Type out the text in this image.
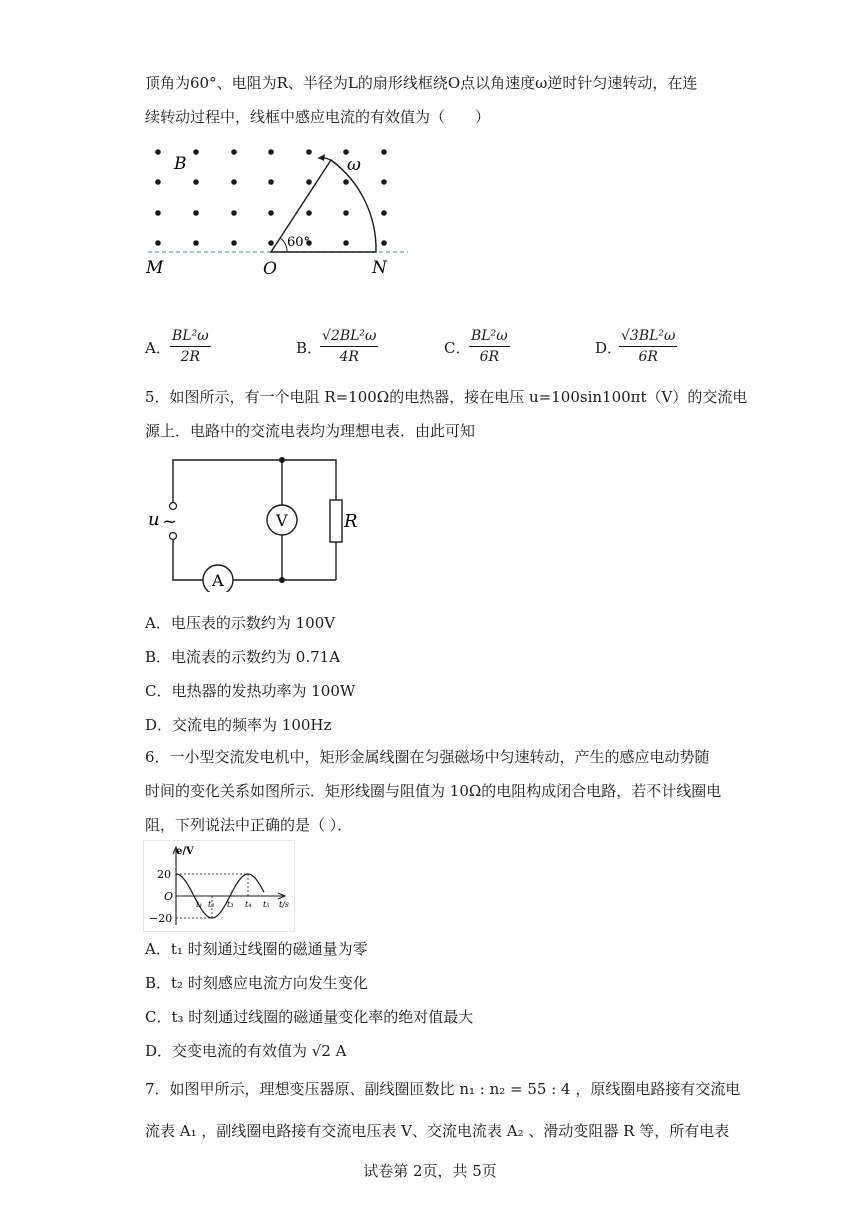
顶角为60°、电阻为R、半径为L的扇形线框绕O点以角速度ω逆时针匀速转动，在连
续转动过程中，线框中感应电流的有效值为（　　）
B	ω
60°
M	O	N
A． $\frac{\text{BL²ω}}{2R}$	B．
$\frac{\text{√2BL²ω}}{4R}$	C．
$\frac{\text{BL²ω}}{6R}$	D．
$\frac{\text{√3BL²ω}}{6R}$
5．如图所示，有一个电阻 R=100Ω的电热器，接在电压 u=100sin100πt（V）的交流电
源上．电路中的交流电表均为理想电表．由此可知
u ~	V	R
A
A．电压表的示数约为 100V
B．电流表的示数约为 0.71A
C．电热器的发热功率为 100W
D．交流电的频率为 100Hz
6．一小型交流发电机中，矩形金属线圈在匀强磁场中匀速转动，产生的感应电动势随
时间的变化关系如图所示．矩形线圈与阻值为 10Ω的电阻构成闭合电路，若不计线圈电
阻，下列说法中正确的是（ ）．
e/V
20
O
−20
t₁ t₂ t₃ t₄ t₅ t/s
A．t₁ 时刻通过线圈的磁通量为零
B．t₂ 时刻感应电流方向发生变化
C．t₃ 时刻通过线圈的磁通量变化率的绝对值最大
D．交变电流的有效值为 √2 A
7．如图甲所示，理想变压器原、副线圈匝数比 n₁ : n₂ = 55 : 4 ，原线圈电路接有交流电
流表 A₁ ，副线圈电路接有交流电压表 V、交流电流表 A₂ 、滑动变阻器 R 等，所有电表
试卷第 2页，共 5页
